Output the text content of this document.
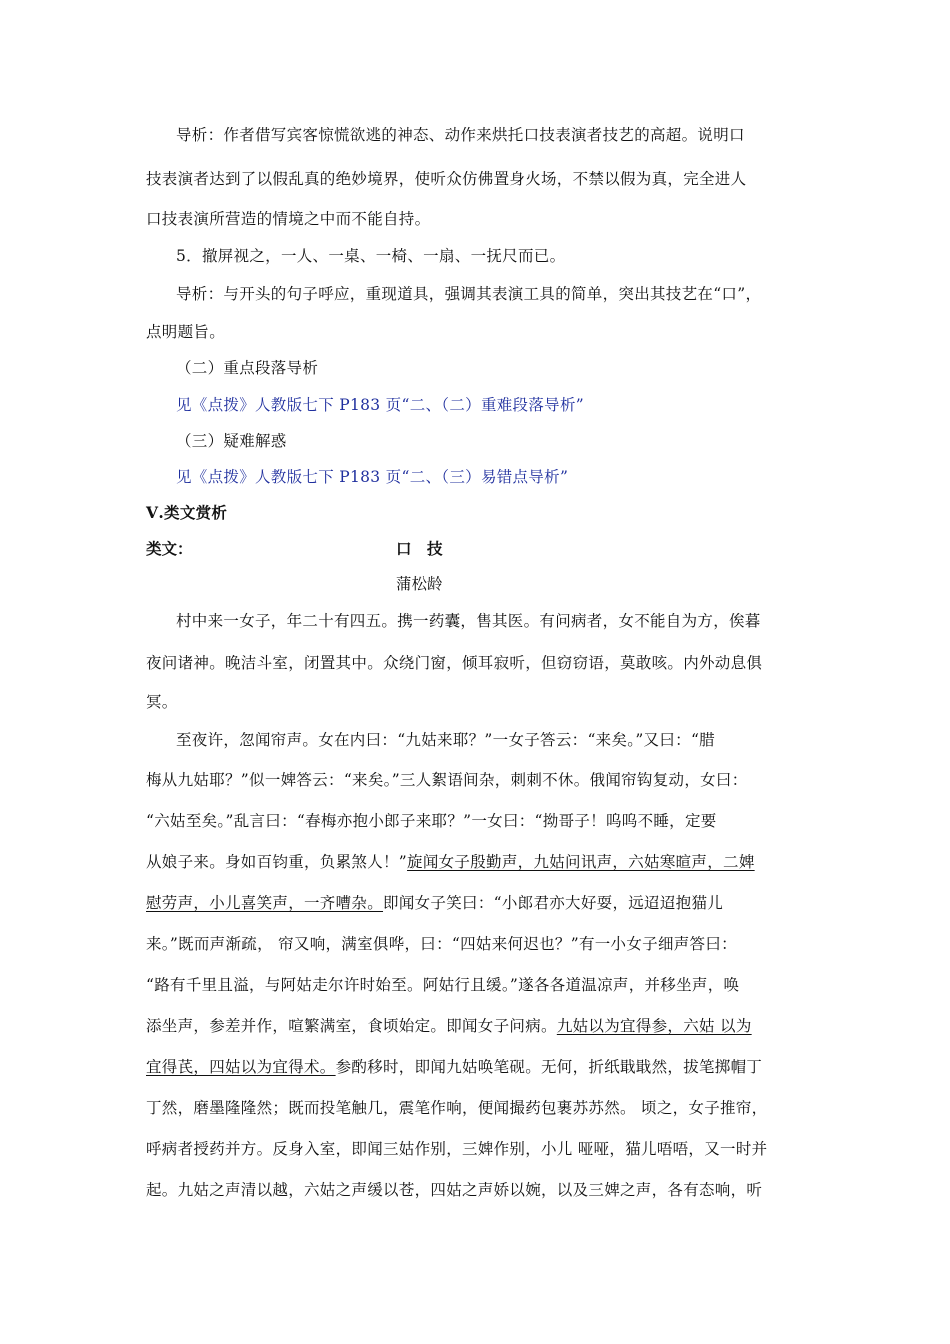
导析：作者借写宾客惊慌欲逃的神态、动作来烘托口技表演者技艺的高超。说明口
技表演者达到了以假乱真的绝妙境界，使听众仿佛置身火场，不禁以假为真，完全进人
口技表演所营造的情境之中而不能自持。
5．撤屏视之，一人、一桌、一椅、一扇、一抚尺而已。
导析：与开头的句子呼应，重现道具，强调其表演工具的简单，突出其技艺在“口”，
点明题旨。
（二）重点段落导析
见《点拨》人教版七下 P183 页“二、（二）重难段落导析”
（三）疑难解惑
见《点拨》人教版七下 P183 页“二、（三）易错点导析”
Ⅴ.类文赏析
类文：	口　技
蒲松龄
村中来一女子，年二十有四五。携一药囊，售其医。有问病者，女不能自为方，俟暮
夜问诸神。晚洁斗室，闭置其中。众绕门窗，倾耳寂听，但窃窃语，莫敢咳。内外动息俱
冥。
至夜许，忽闻帘声。女在内曰：“九姑来耶？”一女子答云：“来矣。”又曰：“腊
梅从九姑耶？”似一婢答云：“来矣。”三人絮语间杂，刺刺不休。俄闻帘钩复动，女曰：
“六姑至矣。”乱言曰：“春梅亦抱小郎子来耶？”一女曰：“拗哥子！呜呜不睡，定要
从娘子来。身如百钧重，负累煞人！”旋闻女子殷勤声，九姑问讯声，六姑寒暄声，二婢
慰劳声，小儿喜笑声，一齐嘈杂。即闻女子笑曰：“小郎君亦大好耍，远迢迢抱猫儿
来。”既而声渐疏， 帘又响，满室俱哗，曰：“四姑来何迟也？”有一小女子细声答曰：
“路有千里且溢，与阿姑走尔许时始至。阿姑行且缓。”遂各各道温凉声，并移坐声，唤
添坐声，参差并作，喧繁满室，食顷始定。即闻女子问病。九姑以为宜得参，六姑 以为
宜得芪，四姑以为宜得术。参酌移时，即闻九姑唤笔砚。无何，折纸戢戢然，拔笔掷帽丁
丁然，磨墨隆隆然；既而投笔触几，震笔作响，便闻撮药包裹苏苏然。 顷之，女子推帘，
呼病者授药并方。反身入室，即闻三姑作别，三婢作别，小儿 哑哑，猫儿唔唔，又一时并
起。九姑之声清以越，六姑之声缓以苍，四姑之声娇以婉，以及三婢之声，各有态响，听
